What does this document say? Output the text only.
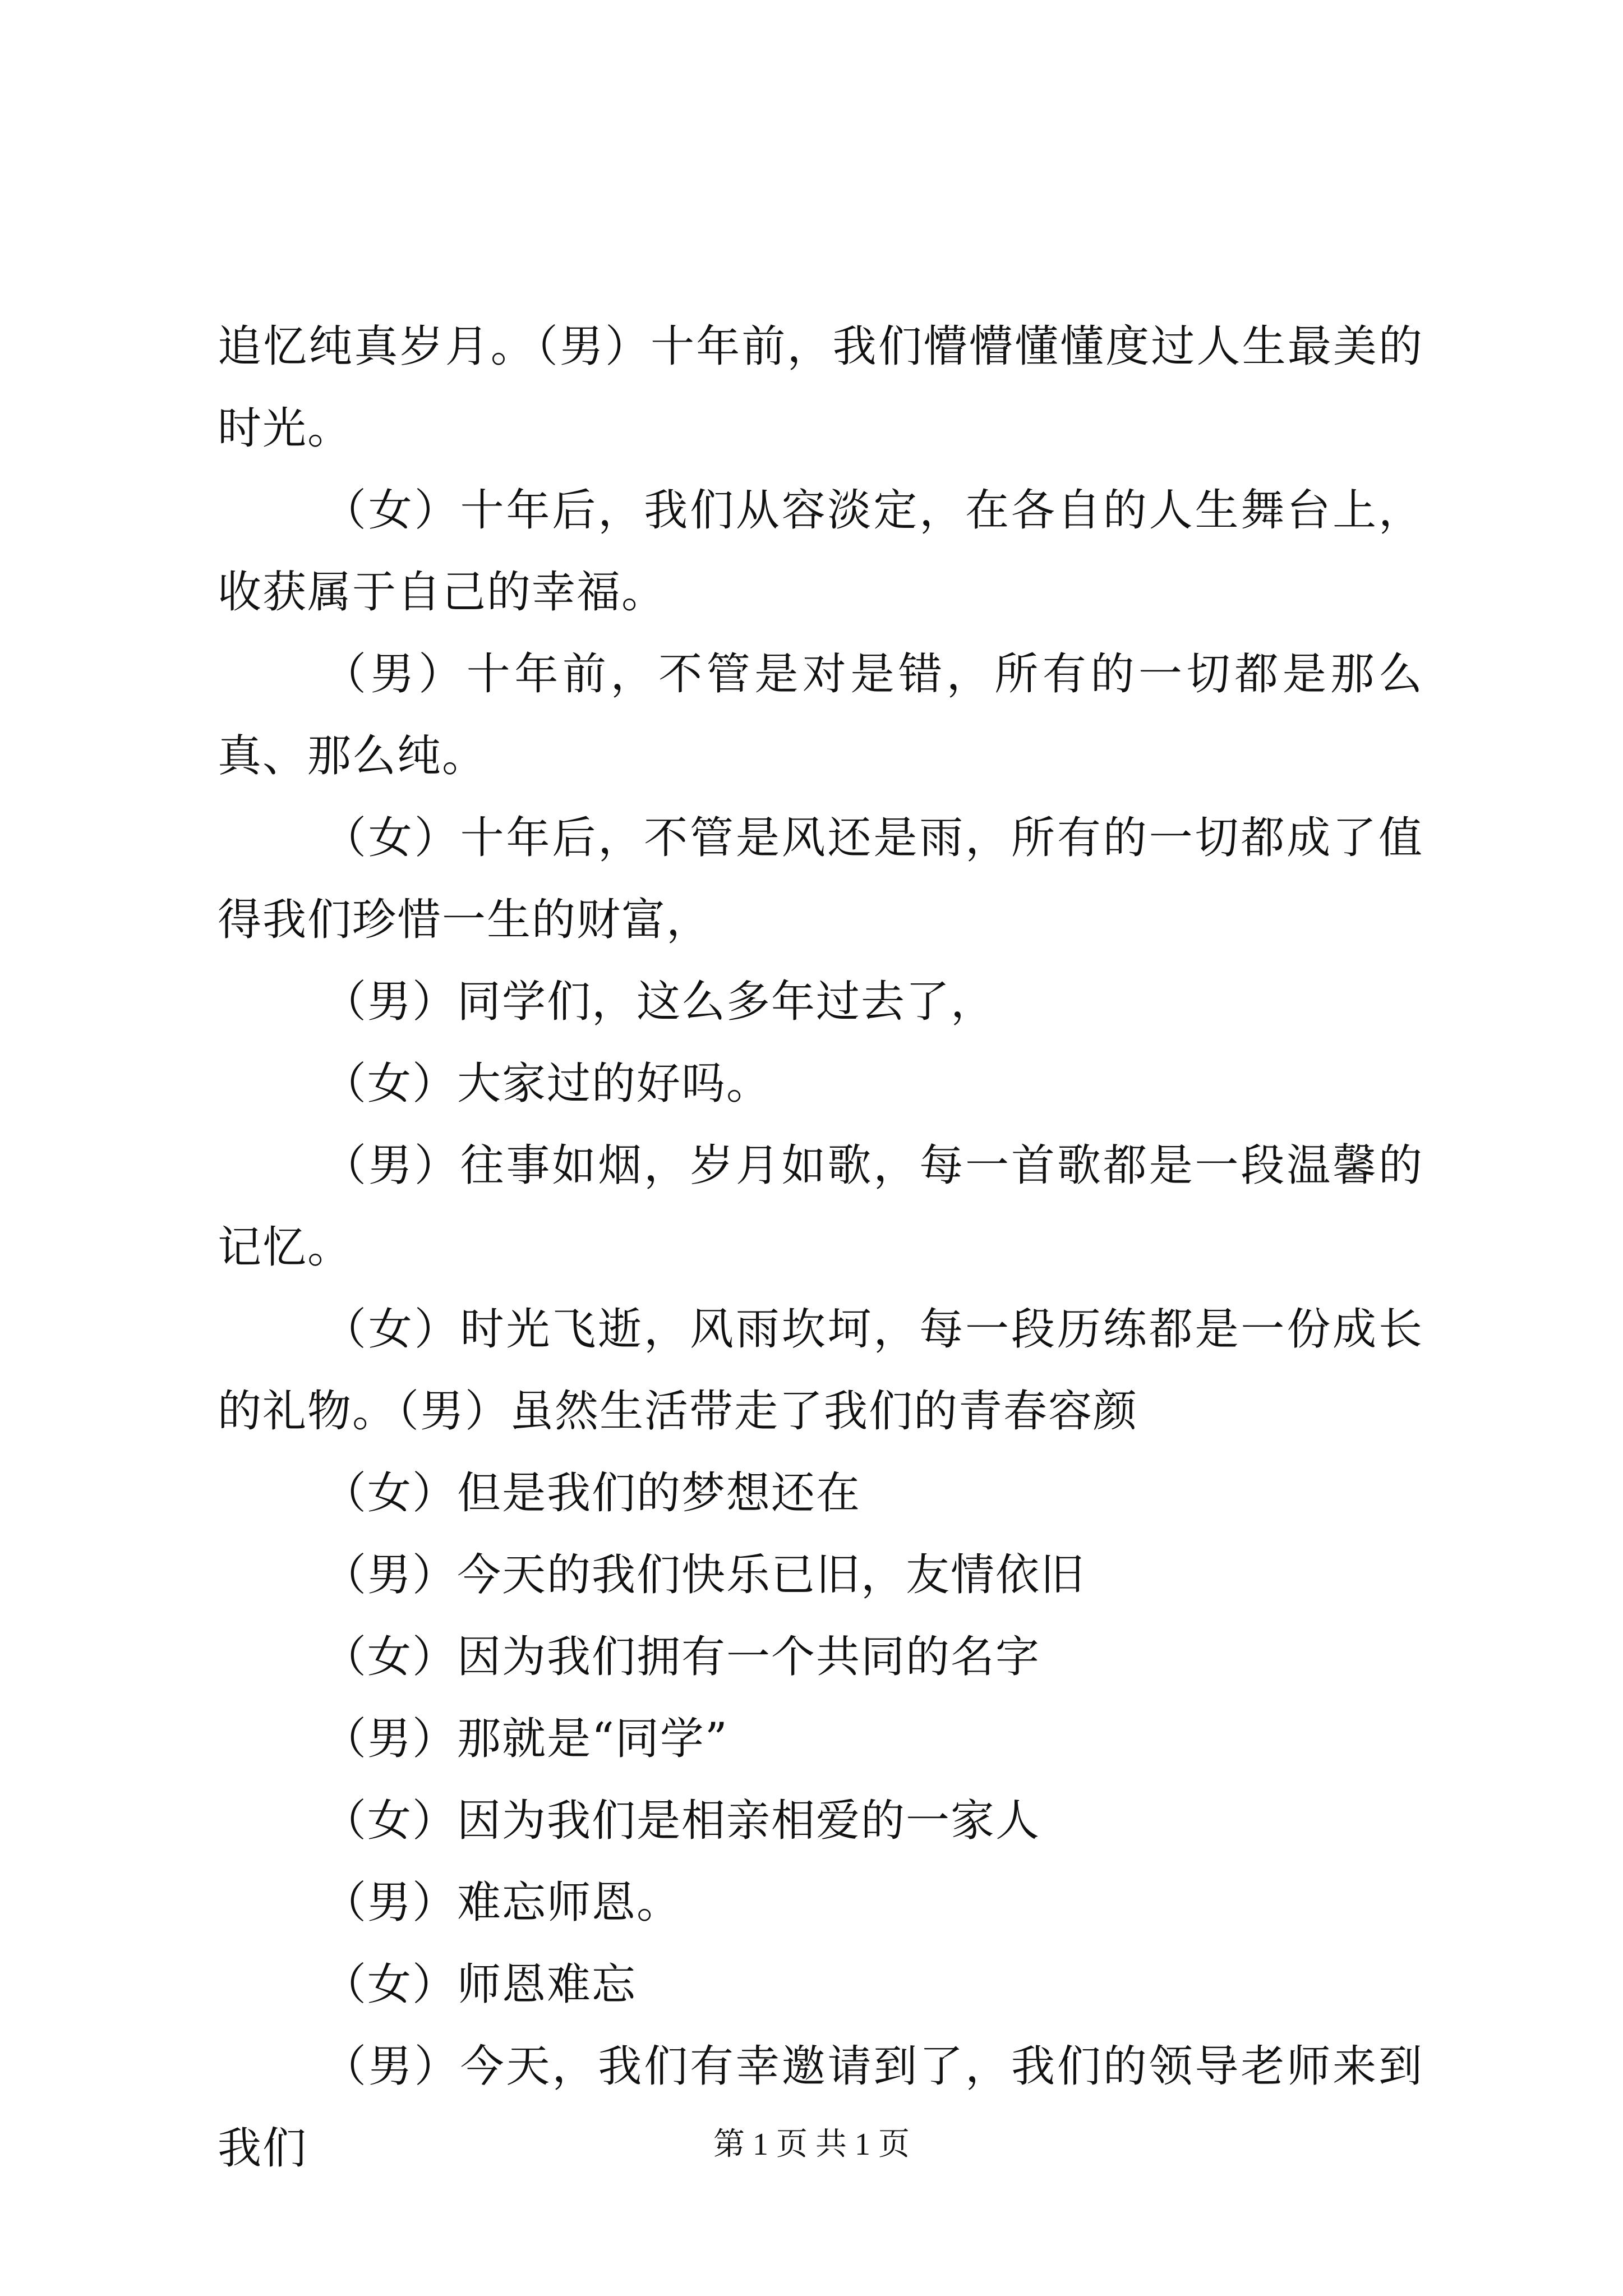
追忆纯真岁月。（男）十年前，我们懵懵懂懂度过人生最美的时光。

（女）十年后，我们从容淡定，在各自的人生舞台上，收获属于自己的幸福。

（男）十年前，不管是对是错，所有的一切都是那么真、那么纯。

（女）十年后，不管是风还是雨，所有的一切都成了值得我们珍惜一生的财富，

（男）同学们，这么多年过去了，

（女）大家过的好吗。

（男）往事如烟，岁月如歌，每一首歌都是一段温馨的记忆。

（女）时光飞逝，风雨坎坷，每一段历练都是一份成长的礼物。（男）虽然生活带走了我们的青春容颜

（女）但是我们的梦想还在

（男）今天的我们快乐已旧，友情依旧

（女）因为我们拥有一个共同的名字

（男）那就是“同学”

（女）因为我们是相亲相爱的一家人

（男）难忘师恩。

（女）师恩难忘

（男）今天，我们有幸邀请到了，我们的领导老师来到我们	第 1 页 共 1 页
